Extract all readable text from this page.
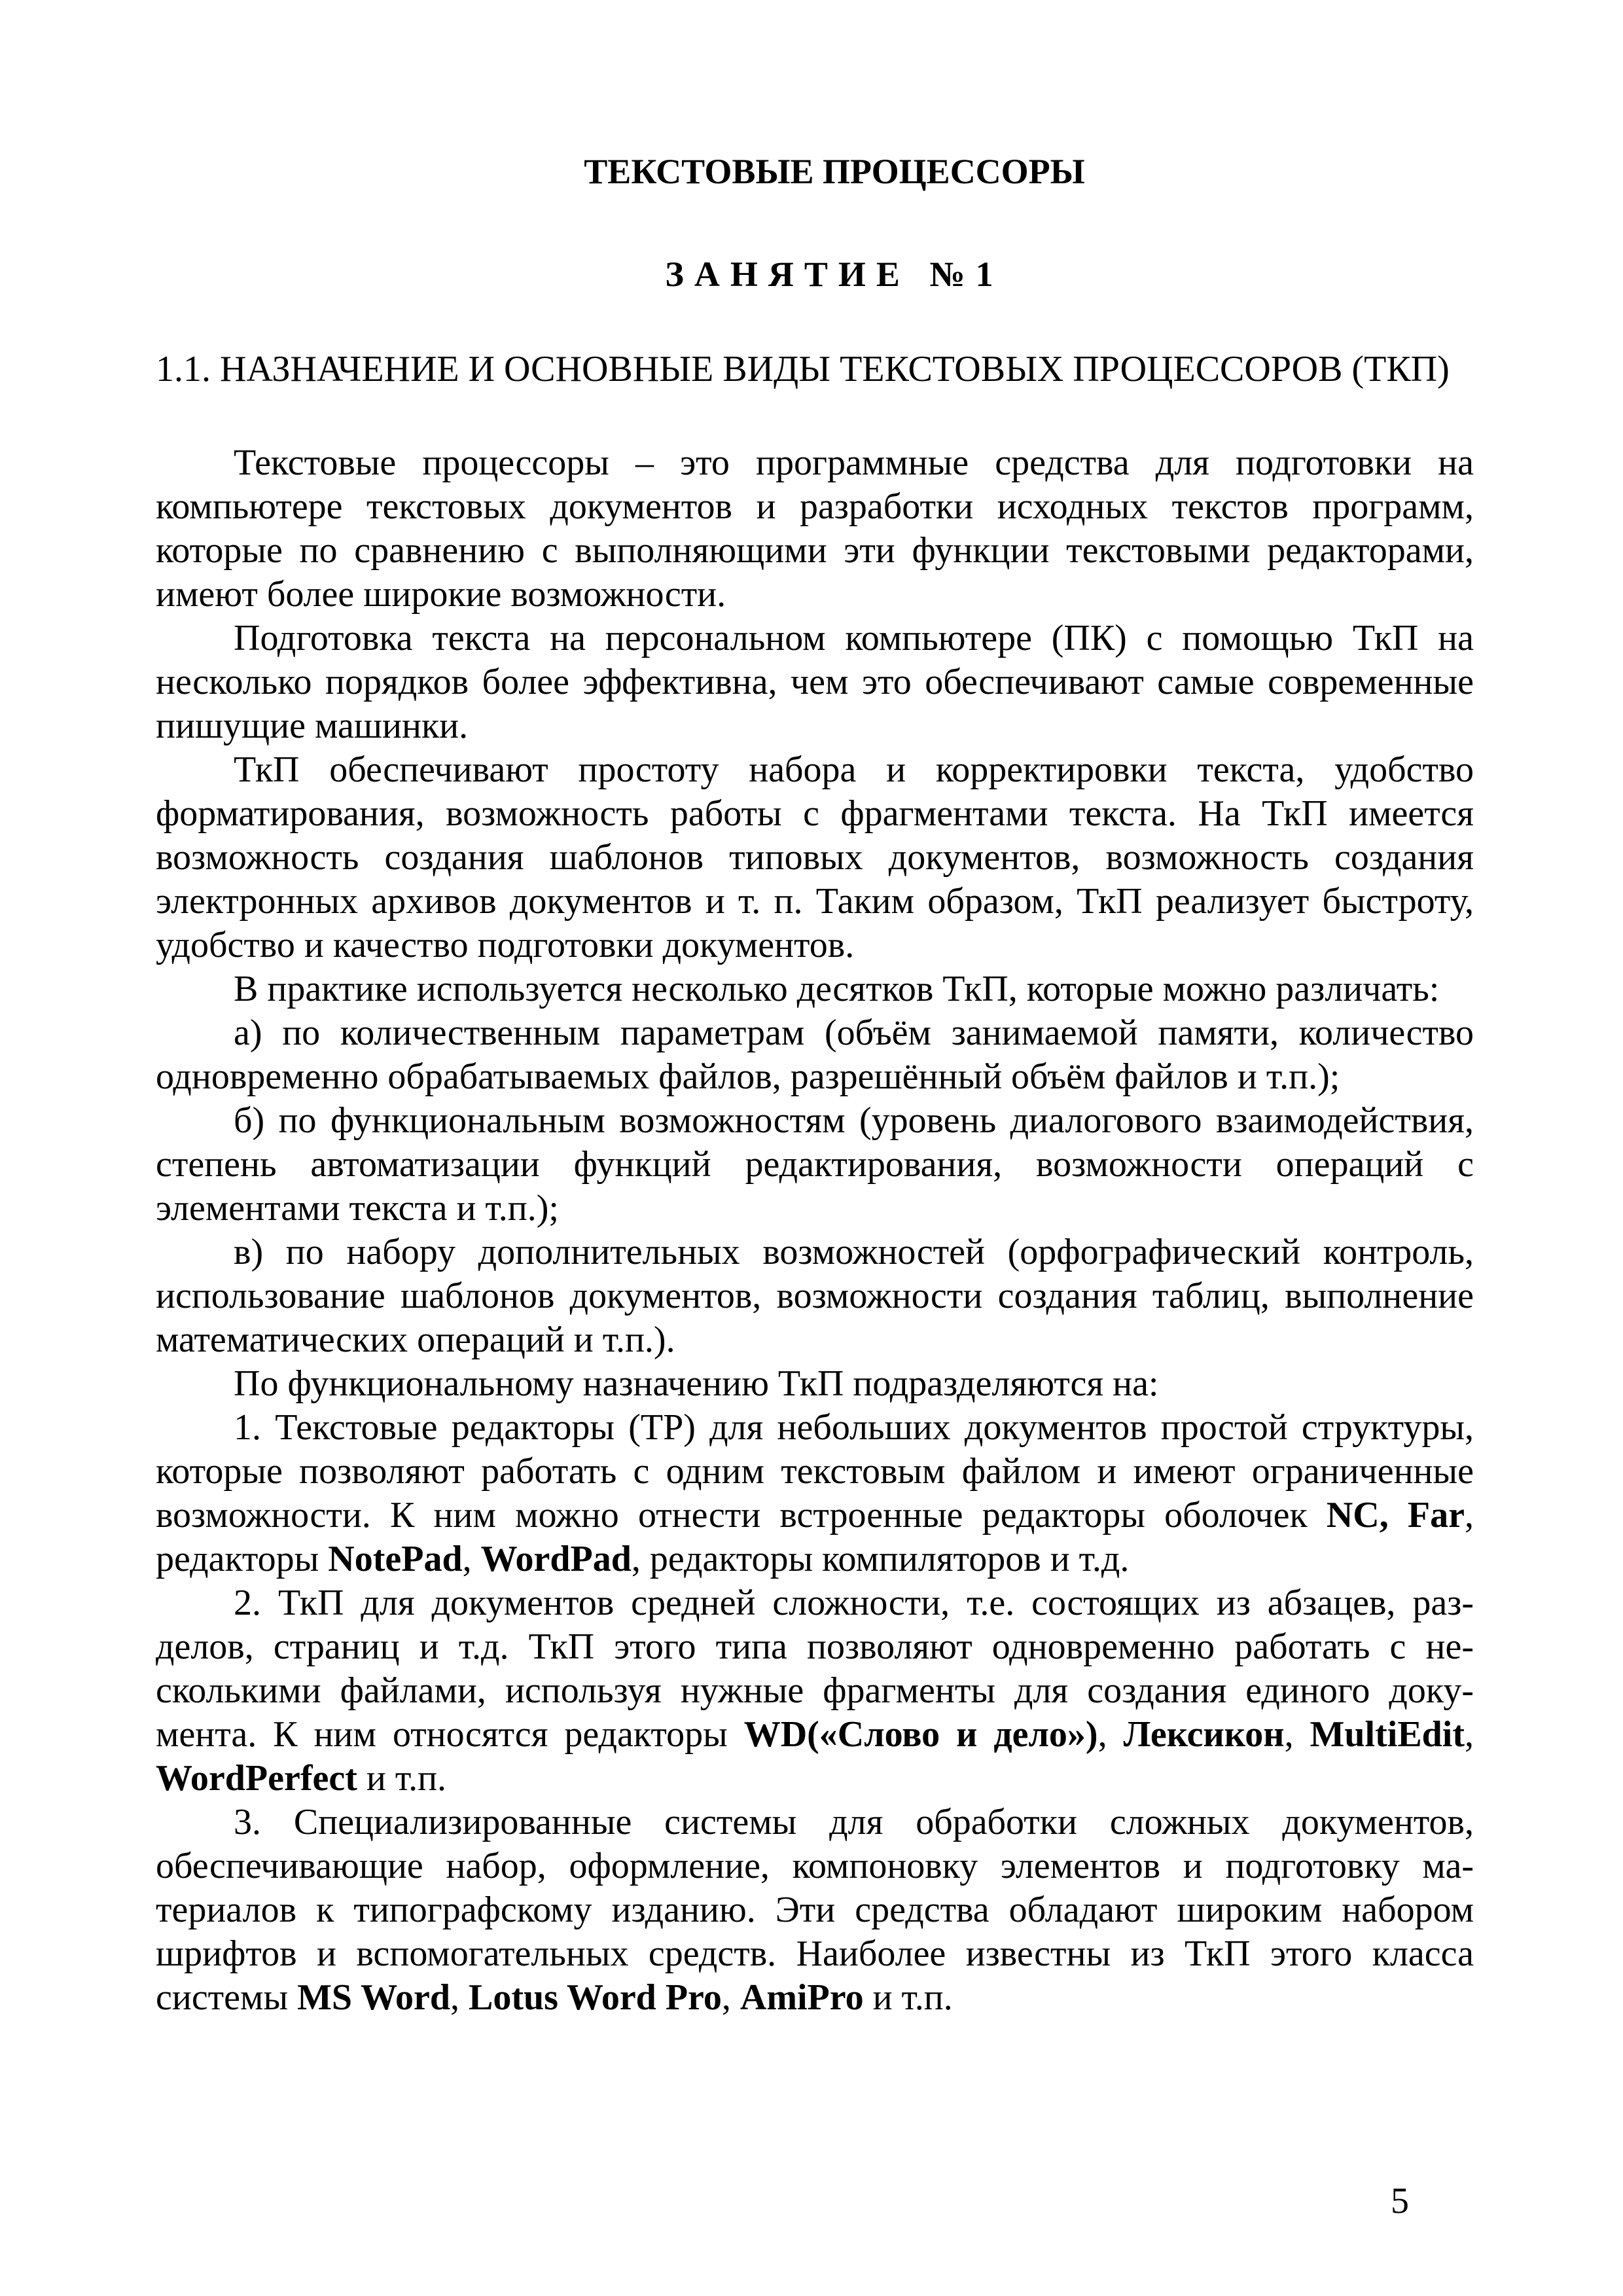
ТЕКСТОВЫЕ ПРОЦЕССОРЫ
ЗАНЯТИЕ №1
1.1. НАЗНАЧЕНИЕ И ОСНОВНЫЕ ВИДЫ ТЕКСТОВЫХ ПРОЦЕССОРОВ (ТКП)

Текстовые процессоры – это программные средства для подготовки на компьютере текстовых документов и разработки исходных текстов программ, которые по сравнению с выполняющими эти функции текстовыми редакторами, имеют более широкие возможности.

Подготовка текста на персональном компьютере (ПК) с помощью ТкП на несколько порядков более эффективна, чем это обеспечивают самые современные пишущие машинки.

ТкП обеспечивают простоту набора и корректировки текста, удобство форматирования, возможность работы с фрагментами текста. На ТкП имеется возможность создания шаблонов типовых документов, возможность создания электронных архивов документов и т. п. Таким образом, ТкП реализует быстроту, удобство и качество подготовки документов.

В практике используется несколько десятков ТкП, которые можно различать:

а) по количественным параметрам (объём занимаемой памяти, количество одновременно обрабатываемых файлов, разрешённый объём файлов и т.п.);

б) по функциональным возможностям (уровень диалогового взаимодействия, степень автоматизации функций редактирования, возможности операций с элементами текста и т.п.);

в) по набору дополнительных возможностей (орфографический контроль, использование шаблонов документов, возможности создания таблиц, выполнение математических операций и т.п.).

По функциональному назначению ТкП подразделяются на:

1. Текстовые редакторы (ТР) для небольших документов простой структуры, которые позволяют работать с одним текстовым файлом и имеют ограниченные возможности. К ним можно отнести встроенные редакторы оболочек NC, Far, редакторы NotePad, WordPad, редакторы компиляторов и т.д.

2. ТкП для документов средней сложности, т.е. состоящих из абзацев, разделов, страниц и т.д. ТкП этого типа позволяют одновременно работать с несколькими файлами, используя нужные фрагменты для создания единого документа. К ним относятся редакторы WD(«Слово и дело»), Лексикон, MultiEdit, WordPerfect и т.п.

3. Специализированные системы для обработки сложных документов, обеспечивающие набор, оформление, компоновку элементов и подготовку материалов к типографскому изданию. Эти средства обладают широким набором шрифтов и вспомогательных средств. Наиболее известны из ТкП этого класса системы MS Word, Lotus Word Pro, AmiPro и т.п.

5
